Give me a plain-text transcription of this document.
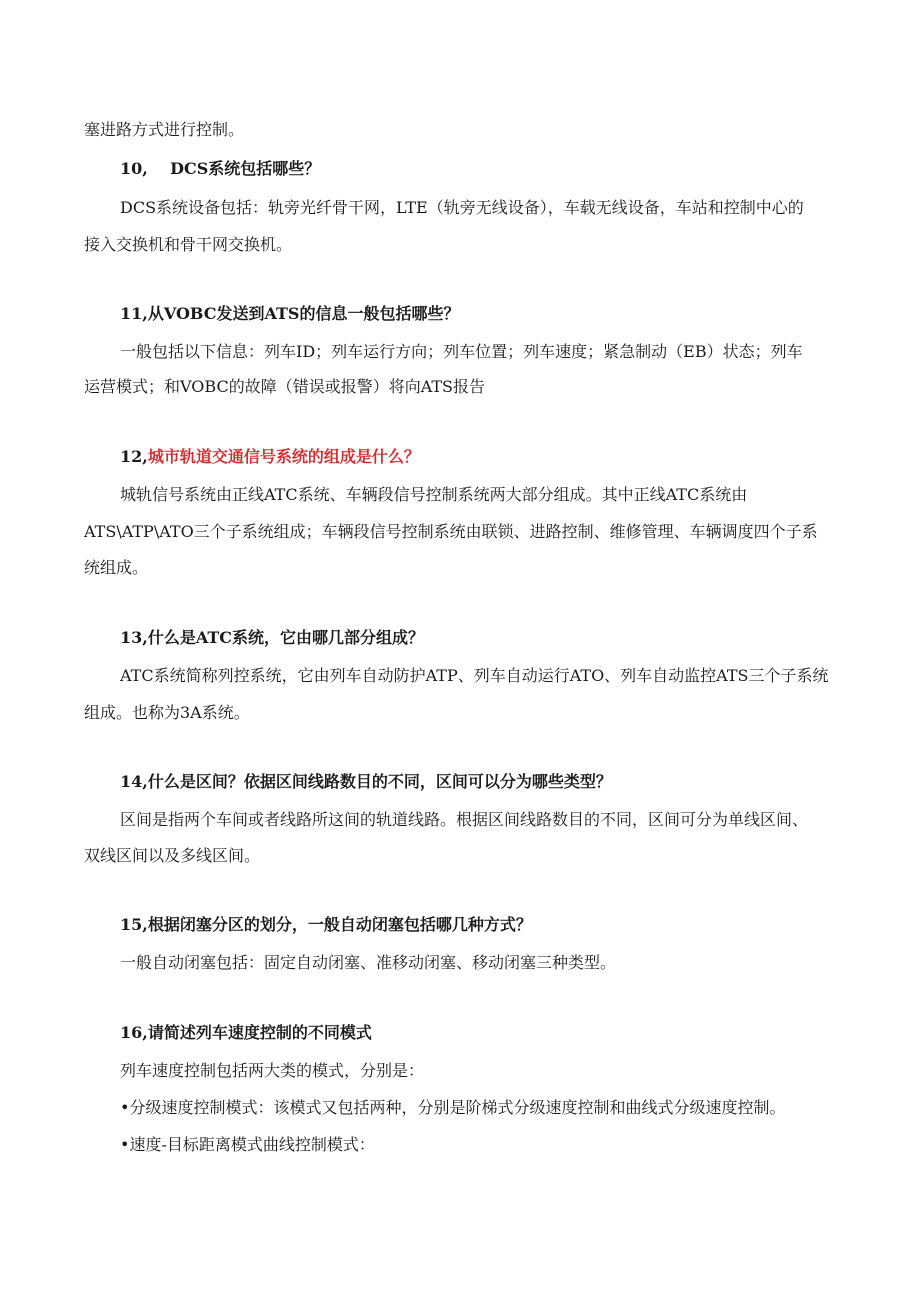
塞进路方式进行控制。
10, DCS系统包括哪些？
DCS系统设备包括：轨旁光纤骨干网，LTE（轨旁无线设备），车载无线设备，车站和控制中心的
接入交换机和骨干网交换机。
11,从VOBC发送到ATS的信息一般包括哪些？
一般包括以下信息：列车ID；列车运行方向；列车位置；列车速度；紧急制动（EB）状态；列车
运营模式；和VOBC的故障（错误或报警）将向ATS报告
12,城市轨道交通信号系统的组成是什么？
城轨信号系统由正线ATC系统、车辆段信号控制系统两大部分组成。其中正线ATC系统由
ATS\ATP\ATO三个子系统组成；车辆段信号控制系统由联锁、进路控制、维修管理、车辆调度四个子系
统组成。
13,什么是ATC系统，它由哪几部分组成？
ATC系统简称列控系统，它由列车自动防护ATP、列车自动运行ATO、列车自动监控ATS三个子系统
组成。也称为3A系统。
14,什么是区间？依据区间线路数目的不同，区间可以分为哪些类型？
区间是指两个车间或者线路所这间的轨道线路。根据区间线路数目的不同，区间可分为单线区间、
双线区间以及多线区间。
15,根据闭塞分区的划分，一般自动闭塞包括哪几种方式？
一般自动闭塞包括：固定自动闭塞、准移动闭塞、移动闭塞三种类型。
16,请简述列车速度控制的不同模式
列车速度控制包括两大类的模式，分别是：
•分级速度控制模式：该模式又包括两种，分别是阶梯式分级速度控制和曲线式分级速度控制。
•速度-目标距离模式曲线控制模式：
